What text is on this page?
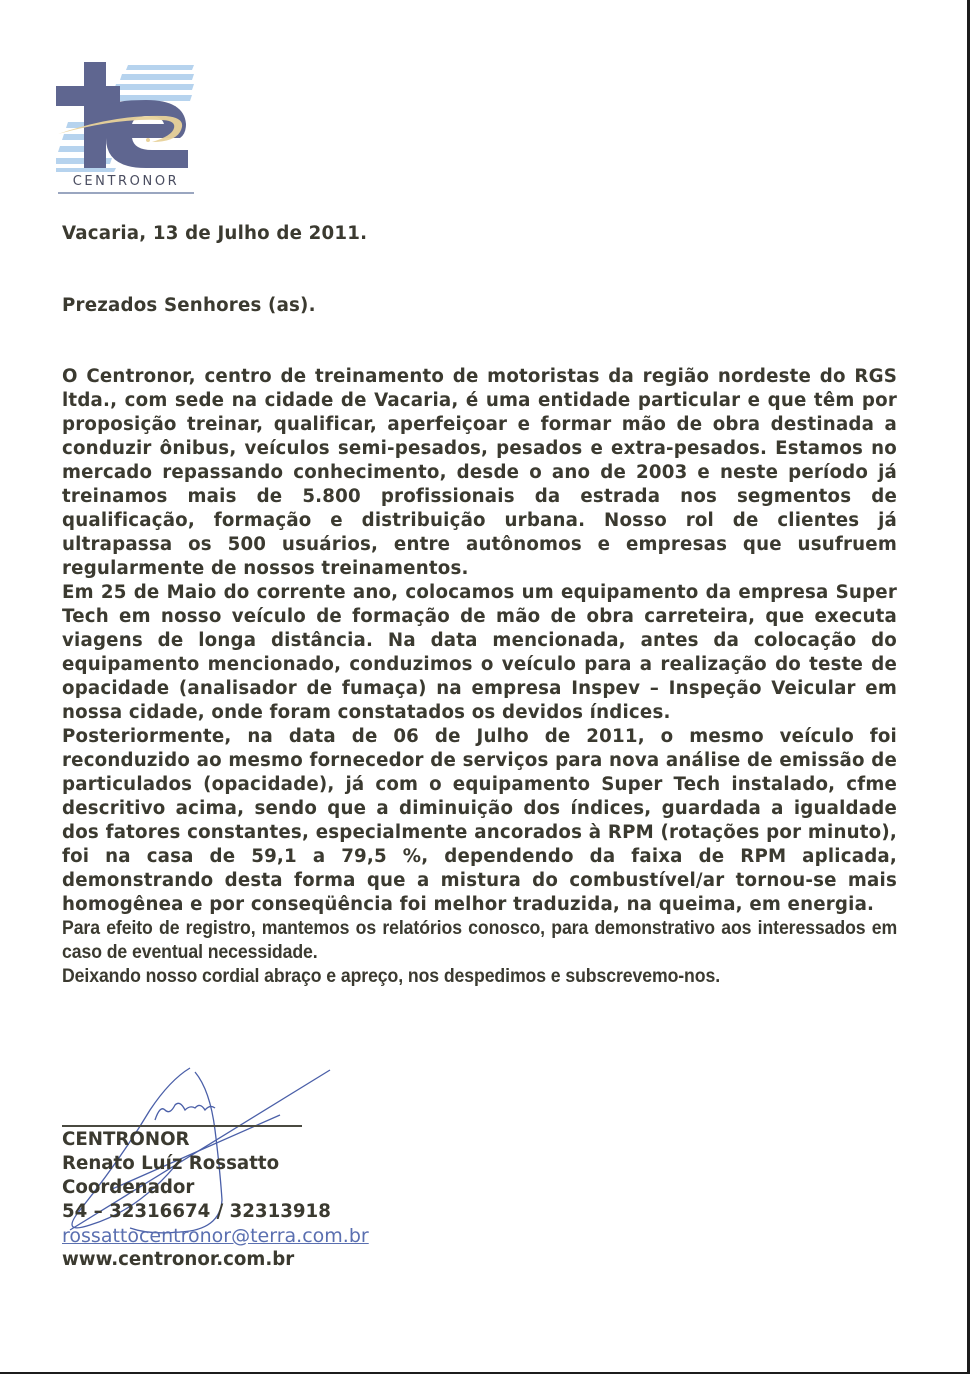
CENTRONOR
Vacaria, 13 de Julho de 2011.
Prezados Senhores (as).

O Centronor, centro de treinamento de motoristas da região nordeste do RGS ltda., com sede na cidade de Vacaria, é uma entidade particular e que têm por proposição treinar, qualificar, aperfeiçoar e formar mão de obra destinada a conduzir ônibus, veículos semi-pesados, pesados e extra-pesados. Estamos no mercado repassando conhecimento, desde o ano de 2003 e neste período já treinamos mais de 5.800 profissionais da estrada nos segmentos de qualificação, formação e distribuição urbana. Nosso rol de clientes já ultrapassa os 500 usuários, entre autônomos e empresas que usufruem regularmente de nossos treinamentos.

Em 25 de Maio do corrente ano, colocamos um equipamento da empresa Super Tech em nosso veículo de formação de mão de obra carreteira, que executa viagens de longa distância. Na data mencionada, antes da colocação do equipamento mencionado, conduzimos o veículo para a realização do teste de opacidade (analisador de fumaça) na empresa Inspev – Inspeção Veicular em nossa cidade, onde foram constatados os devidos índices.

Posteriormente, na data de 06 de Julho de 2011, o mesmo veículo foi reconduzido ao mesmo fornecedor de serviços para nova análise de emissão de particulados (opacidade), já com o equipamento Super Tech instalado, cfme descritivo acima, sendo que a diminuição dos índices, guardada a igualdade dos fatores constantes, especialmente ancorados à RPM (rotações por minuto), foi na casa de 59,1 a 79,5 %, dependendo da faixa de RPM aplicada, demonstrando desta forma que a mistura do combustível/ar tornou-se mais homogênea e por conseqüência foi melhor traduzida, na queima, em energia.

Para efeito de registro, mantemos os relatórios conosco, para demonstrativo aos interessados em caso de eventual necessidade.

Deixando nosso cordial abraço e apreço, nos despedimos e subscrevemo-nos.

CENTRONOR
Renato Luíz Rossatto
Coordenador
54 – 32316674 / 32313918
rossattocentronor@terra.com.br
www.centronor.com.br
